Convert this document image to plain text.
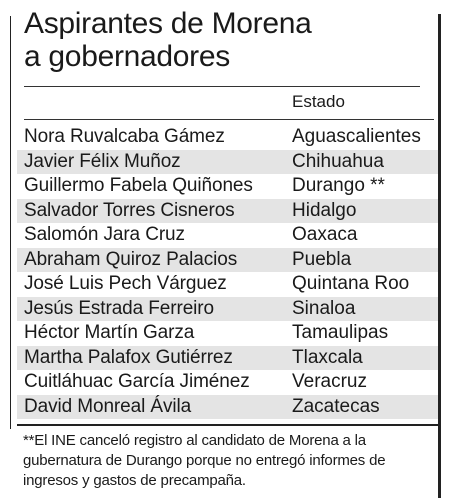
Aspirantes de Morena
a gobernadores
Estado
Nora Ruvalcaba Gámez	Aguascalientes
Javier Félix Muñoz	Chihuahua
Guillermo Fabela Quiñones Durango **
Salvador Torres Cisneros	Hidalgo
Salomón Jara Cruz	Oaxaca
Abraham Quiroz Palacios	Puebla
José Luis Pech Várguez	Quintana Roo
Jesús Estrada Ferreiro	Sinaloa
Héctor Martín Garza	Tamaulipas
Martha Palafox Gutiérrez	Tlaxcala
Cuitláhuac García Jiménez Veracruz
David Monreal Ávila	Zacatecas

**El INE canceló registro al candidato de Morena a la gubernatura de Durango porque no entregó informes de ingresos y gastos de precampaña.
